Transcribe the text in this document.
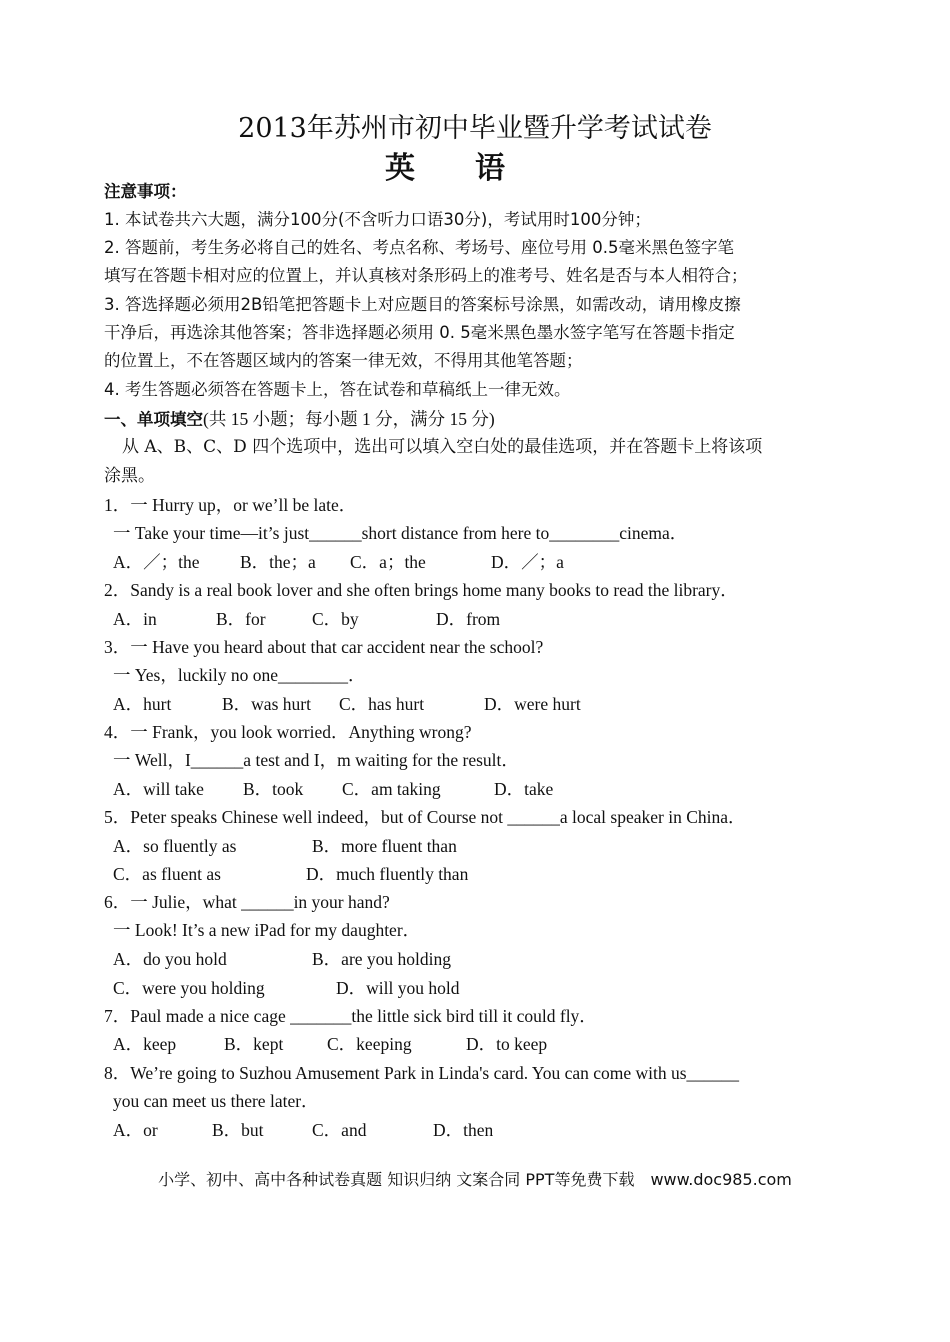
2013年苏州市初中毕业暨升学考试试卷
英语
注意事项：
1. 本试卷共六大题，满分100分(不含听力口语30分)，考试用时100分钟；
2. 答题前，考生务必将自己的姓名、考点名称、考场号、座位号用 0.5毫米黑色签字笔
填写在答题卡相对应的位置上，并认真核对条形码上的准考号、姓名是否与本人相符合；
3. 答选择题必须用2B铅笔把答题卡上对应题目的答案标号涂黑，如需改动，请用橡皮擦
干净后，再选涂其他答案；答非选择题必须用 0. 5毫米黑色墨水签字笔写在答题卡指定
的位置上，不在答题区域内的答案一律无效，不得用其他笔答题；
4. 考生答题必须答在答题卡上，答在试卷和草稿纸上一律无效。
一、单项填空(共 15 小题；每小题 1 分，满分 15 分)
从 A、B、C、D 四个选项中，选出可以填入空白处的最佳选项，并在答题卡上将该项
涂黑。
1．一 Hurry up，or we’ll be late．
一 Take your time—it’s just______short distance from here to________cinema．
A．／；the B．the；a C．a；the	D．／；a
2．Sandy is a real book lover and she often brings home many books to read the library．
A．in	B．for	C．by	D．from
3．一 Have you heard about that car accident near the school?
一 Yes，luckily no one________．
A．hurt	B．was hurt C．has hurt	D．were hurt
4．一 Frank，you look worried．Anything wrong?
一 Well，I______a test and I，m waiting for the result．
A．will take B．took C．am taking	D．take
5．Peter speaks Chinese well indeed，but of Course not ______a local speaker in China．
A．so fluently as	B．more fluent than
C．as fluent as	D．much fluently than
6．一 Julie，what ______in your hand?
一 Look! It’s a new iPad for my daughter．
A．do you hold	B．are you holding
C．were you holding	D．will you hold
7．Paul made a nice cage _______the little sick bird till it could fly．
A．keep	B．kept C．keeping	D．to keep
8．We’re going to Suzhou Amusement Park in Linda's card. You can come with us______
you can meet us there later．
A．or	B．but	C．and	D．then
小学、初中、高中各种试卷真题 知识归纳 文案合同 PPT等免费下载　www.doc985.com
